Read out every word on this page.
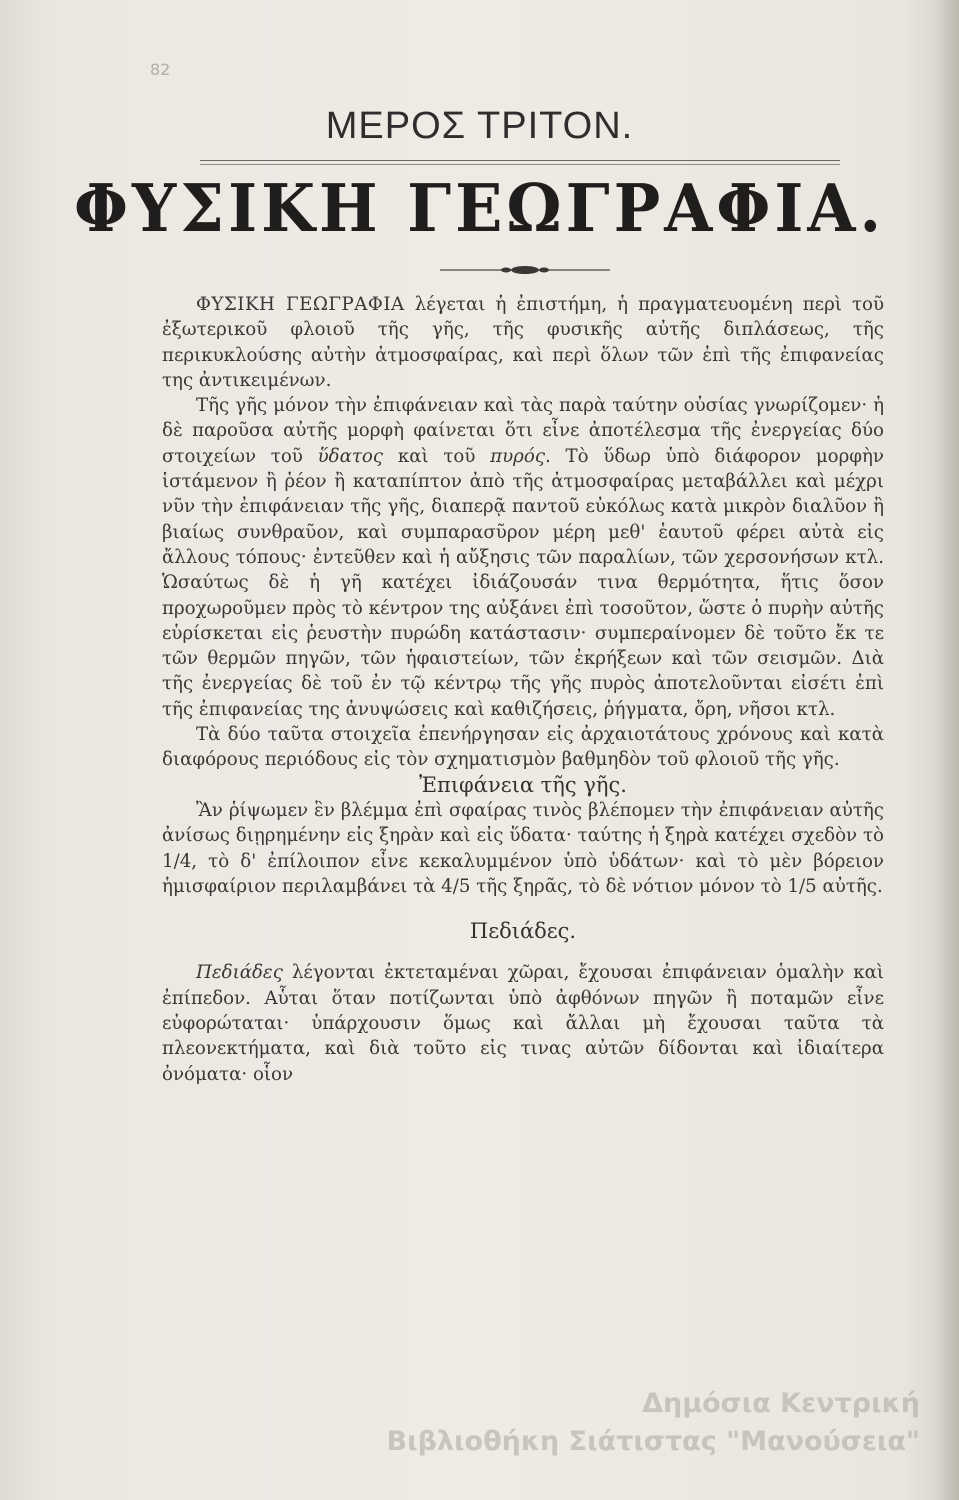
82
ΜΕΡΟΣ ΤΡΙΤΟΝ.
ΦΥΣΙΚΗ ΓΕΩΓΡΑΦΙΑ.

ΦΥΣΙΚΗ ΓΕΩΓΡΑΦΙΑ λέγεται ἡ ἐπιστήμη, ἡ πραγματευομένη περὶ τοῦ ἐξωτερικοῦ φλοιοῦ τῆς γῆς, τῆς φυσικῆς αὐτῆς διπλάσεως, τῆς περικυκλούσης αὐτὴν ἀτμοσφαίρας, καὶ περὶ ὅλων τῶν ἐπὶ τῆς ἐπιφανείας της ἀντικειμένων.

Τῆς γῆς μόνον τὴν ἐπιφάνειαν καὶ τὰς παρὰ ταύτην οὐσίας γνωρίζομεν· ἡ δὲ παροῦσα αὐτῆς μορφὴ φαίνεται ὅτι εἶνε ἀποτέλεσμα τῆς ἐνεργείας δύο στοιχείων τοῦ ὕδατος καὶ τοῦ πυρός. Τὸ ὕδωρ ὑπὸ διάφορον μορφὴν ἱστάμενον ἢ ῥέον ἢ καταπίπτον ἀπὸ τῆς ἀτμοσφαίρας μεταβάλλει καὶ μέχρι νῦν τὴν ἐπιφάνειαν τῆς γῆς, διαπερᾷ παντοῦ εὐκόλως κατὰ μικρὸν διαλῦον ἢ βιαίως συνθραῦον, καὶ συμπαρασῦρον μέρη μεθ' ἑαυτοῦ φέρει αὐτὰ εἰς ἄλλους τόπους· ἐντεῦθεν καὶ ἡ αὔξησις τῶν παραλίων, τῶν χερσονήσων κτλ. Ὡσαύτως δὲ ἡ γῆ κατέχει ἰδιάζουσάν τινα θερμότητα, ἥτις ὅσον προχωροῦμεν πρὸς τὸ κέντρον της αὐξάνει ἐπὶ τοσοῦτον, ὥστε ὁ πυρὴν αὐτῆς εὑρίσκεται εἰς ῥευστὴν πυρώδη κατάστασιν· συμπεραίνομεν δὲ τοῦτο ἔκ τε τῶν θερμῶν πηγῶν, τῶν ἡφαιστείων, τῶν ἐκρήξεων καὶ τῶν σεισμῶν. Διὰ τῆς ἐνεργείας δὲ τοῦ ἐν τῷ κέντρῳ τῆς γῆς πυρὸς ἀποτελοῦνται εἰσέτι ἐπὶ τῆς ἐπιφανείας της ἀνυψώσεις καὶ καθιζήσεις, ῥήγματα, ὄρη, νῆσοι κτλ.

Τὰ δύο ταῦτα στοιχεῖα ἐπενήργησαν εἰς ἀρχαιοτάτους χρόνους καὶ κατὰ διαφόρους περιόδους εἰς τὸν σχηματισμὸν βαθμηδὸν τοῦ φλοιοῦ τῆς γῆς.

Ἐπιφάνεια τῆς γῆς.

Ἂν ῥίψωμεν ἓν βλέμμα ἐπὶ σφαίρας τινὸς βλέπομεν τὴν ἐπιφάνειαν αὐτῆς ἀνίσως διῃρημένην εἰς ξηρὰν καὶ εἰς ὕδατα· ταύτης ἡ ξηρὰ κατέχει σχεδὸν τὸ 1/4, τὸ δ' ἐπίλοιπον εἶνε κεκαλυμμένον ὑπὸ ὑδάτων· καὶ τὸ μὲν βόρειον ἡμισφαίριον περιλαμβάνει τὰ 4/5 τῆς ξηρᾶς, τὸ δὲ νότιον μόνον τὸ 1/5 αὐτῆς.

Πεδιάδες.

Πεδιάδες λέγονται ἐκτεταμέναι χῶραι, ἔχουσαι ἐπιφάνειαν ὁμαλὴν καὶ ἐπίπεδον. Αὗται ὅταν ποτίζωνται ὑπὸ ἀφθόνων πηγῶν ἢ ποταμῶν εἶνε εὐφορώταται· ὑπάρχουσιν ὅμως καὶ ἄλλαι μὴ ἔχουσαι ταῦτα τὰ πλεονεκτήματα, καὶ διὰ τοῦτο εἰς τινας αὐτῶν δίδονται καὶ ἰδιαίτερα ὀνόματα· οἷον

Δημόσια Κεντρική
Βιβλιοθήκη Σιάτιστας "Μανούσεια"
